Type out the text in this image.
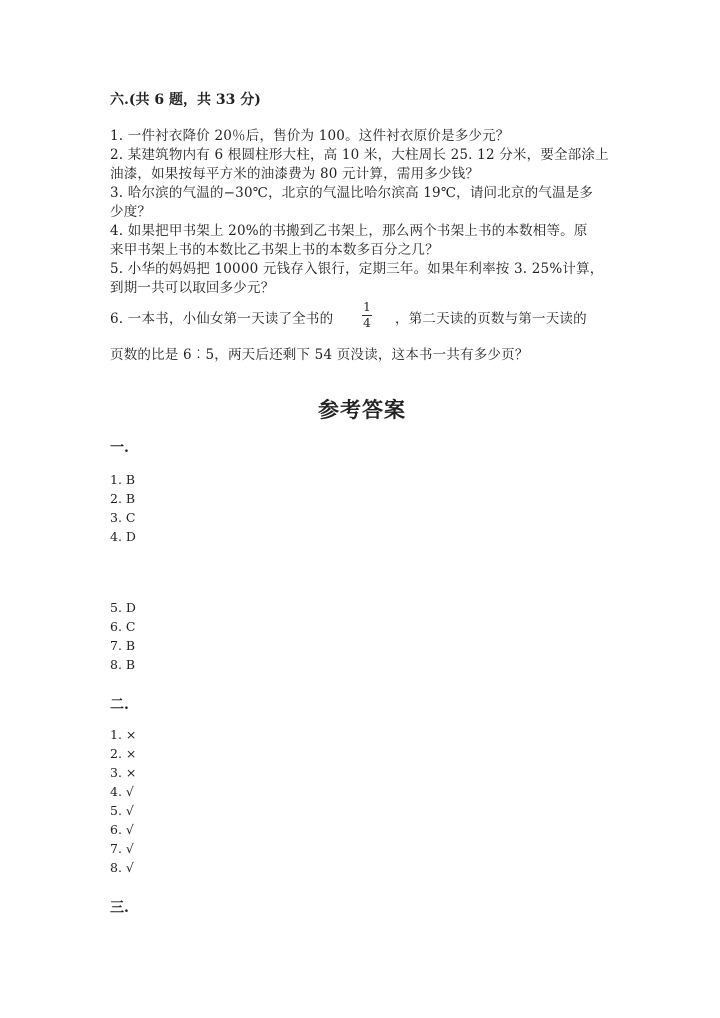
六.(共 6 题，共 33 分)
1. 一件衬衣降价 20％后，售价为 100。这件衬衣原价是多少元？
2. 某建筑物内有 6 根圆柱形大柱，高 10 米，大柱周长 25. 12 分米，要全部涂上
油漆，如果按每平方米的油漆费为 80 元计算，需用多少钱？
3. 哈尔滨的气温的−30℃，北京的气温比哈尔滨高 19℃，请问北京的气温是多
少度？
4. 如果把甲书架上 20%的书搬到乙书架上，那么两个书架上书的本数相等。原
来甲书架上书的本数比乙书架上书的本数多百分之几？
5. 小华的妈妈把 10000 元钱存入银行，定期三年。如果年利率按 3. 25%计算，
到期一共可以取回多少元？
6. 一本书，小仙女第一天读了全书的
1
4 ，第二天读的页数与第一天读的
页数的比是 6︰5，两天后还剩下 54 页没读，这本书一共有多少页？
参考答案
一.
1. B
2. B
3. C
4. D
5. D
6. C
7. B
8. B
二.
1. ×
2. ×
3. ×
4. √
5. √
6. √
7. √
8. √
三.
